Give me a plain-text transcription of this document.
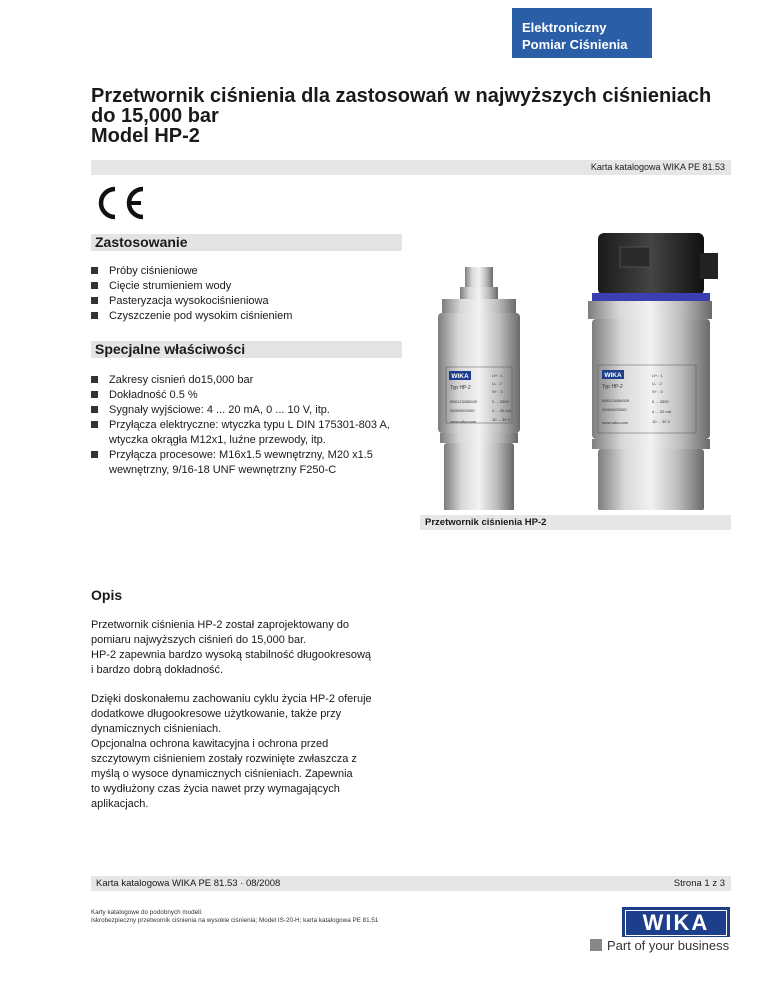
Elektroniczny
Pomiar Ciśnienia
Przetwornik ciśnienia dla zastosowań w najwyższych ciśnieniach
do 15,000 bar
Model HP-2
Karta katalogowa WIKA PE 81.53
Zastosowanie
Próby ciśnieniowe
Cięcie strumieniem wody
Pasteryzacja wysokociśnieniowa
Czyszczenie pod wysokim ciśnieniem
Specjalne właściwości
Zakresy cisnień do15,000 bar
Dokładność 0.5 %
Sygnały wyjściowe: 4 ... 20 mA, 0 ... 10 V, itp.
Przyłącza elektryczne: wtyczka typu L DIN 175301-803 A,
wtyczka okrągła M12x1, luźne przewody, itp.
Przyłącza procesowe: M16x1.5 wewnętrzny, M20 x1.5
wewnętrzny, 9/16-18 UNF wewnętrzny F250-C
WIKA
Typ HP-2
B90123456029
00000000000
www.wika.com
U+ : 1
U- : 2
S+ : 3
0 ... 2500
4 ... 20 mA
10 ... 30 V
WIKA
Typ HP-2
B90123456029
00000000000
www.wika.com
U+ : 1
U- : 2
S+ : 3
0 ... 2500
4 ... 20 mA
10 ... 30 V
Przetwornik ciśnienia HP-2
Opis
Przetwornik ciśnienia HP-2 został zaprojektowany do
pomiaru najwyższych ciśnień do 15,000 bar.
HP-2 zapewnia bardzo wysoką stabilność długookresową
i bardzo dobrą dokładność.
Dzięki doskonałemu zachowaniu cyklu życia HP-2 oferuje
dodatkowe długookresowe użytkowanie, także przy
dynamicznych ciśnieniach.
Opcjonalna ochrona kawitacyjna i ochrona przed
szczytowym ciśnieniem zostały rozwinięte zwłaszcza z
myślą o wysoce dynamicznych ciśnieniach. Zapewnia
to wydłużony czas życia nawet przy wymagających
aplikacjach.
Karta katalogowa WIKA PE 81.53 · 08/2008	Strona 1 z 3
Karty katalogowe do podobnych modeli:
Iskrobezpieczny przetwornik ciśnienia na wysokie ciśnienia; Model IS-20-H; karta katalogowa PE 81.51	WIKA
Part of your business
